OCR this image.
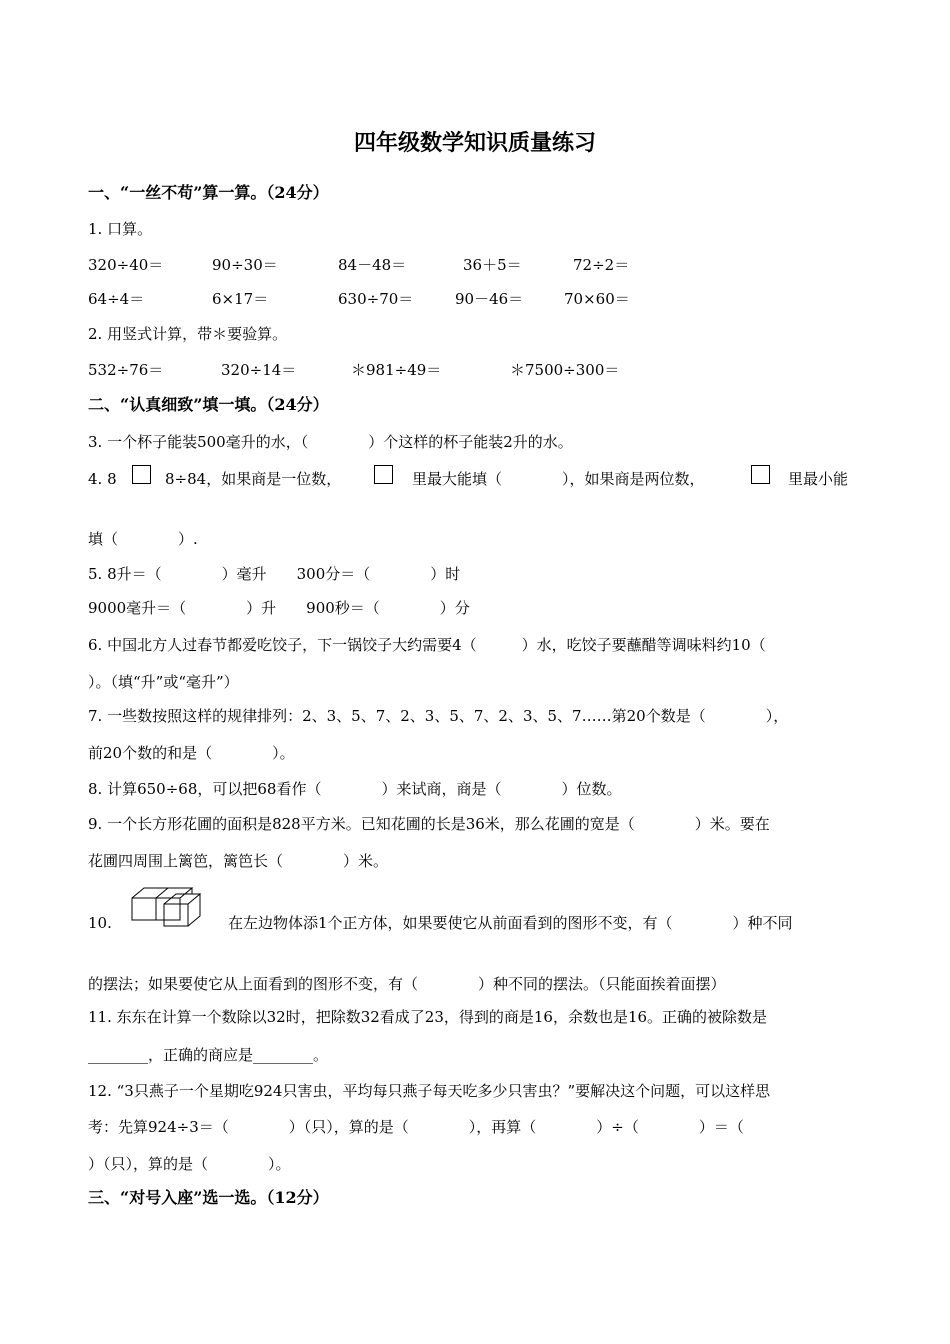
四年级数学知识质量练习
一、“一丝不苟”算一算。（24分）
1. 口算。
320÷40＝	90÷30＝	84－48＝	36＋5＝	72÷2＝
64÷4＝	6×17＝	630÷70＝	90－46＝	70×60＝
2. 用竖式计算，带＊要验算。
532÷76＝	320÷14＝	＊981÷49＝	＊7500÷300＝
二、“认真细致”填一填。（24分）
3. 一个杯子能装500毫升的水，（　　　　）个这样的杯子能装2升的水。
4. 8	8÷84，如果商是一位数，	里最大能填（　　　　），如果商是两位数，	里最小能
填（　　　　）.
5. 8升＝（　　　　）毫升　　300分＝（　　　　）时
9000毫升＝（　　　　）升　　900秒＝（　　　　）分
6. 中国北方人过春节都爱吃饺子，下一锅饺子大约需要4（　　　）水，吃饺子要蘸醋等调味料约10（
）。（填“升”或“毫升”）
7. 一些数按照这样的规律排列：2、3、5、7、2、3、5、7、2、3、5、7……第20个数是（　　　　），
前20个数的和是（　　　　）。
8. 计算650÷68，可以把68看作（　　　　）来试商，商是（　　　　）位数。
9. 一个长方形花圃的面积是828平方米。已知花圃的长是36米，那么花圃的宽是（　　　　）米。要在
花圃四周围上篱笆，篱笆长（　　　　）米。
10.	在左边物体添1个正方体，如果要使它从前面看到的图形不变，有（　　　　）种不同
的摆法；如果要使它从上面看到的图形不变，有（　　　　）种不同的摆法。（只能面挨着面摆）
11. 东东在计算一个数除以32时，把除数32看成了23，得到的商是16，余数也是16。正确的被除数是
________，正确的商应是________。
12. “3只燕子一个星期吃924只害虫，平均每只燕子每天吃多少只害虫？”要解决这个问题，可以这样思
考：先算924÷3＝（　　　　）（只），算的是（　　　　），再算（　　　　）÷（　　　　）＝（
）（只），算的是（　　　　）。
三、“对号入座”选一选。（12分）
